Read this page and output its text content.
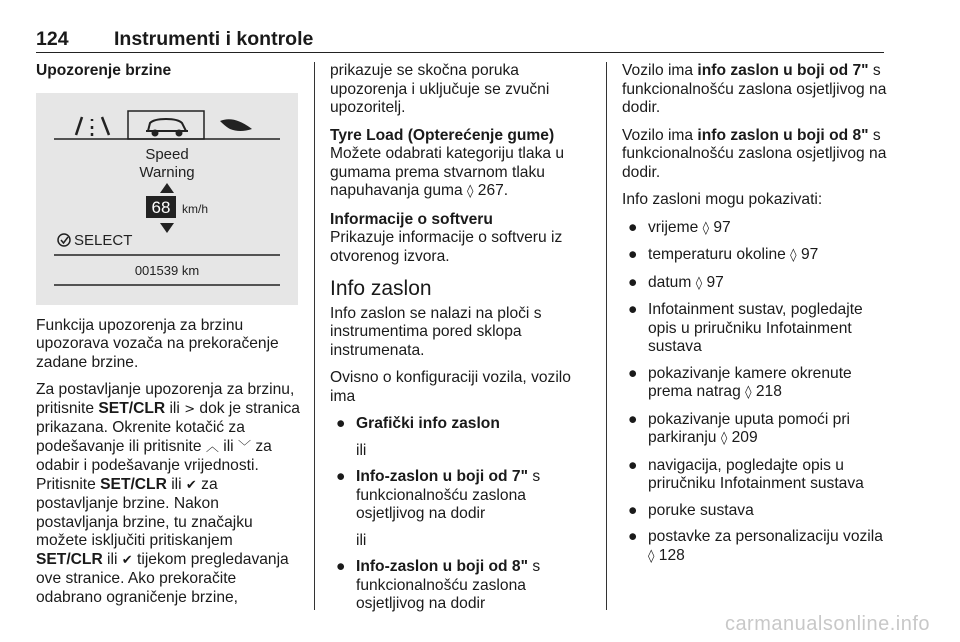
124 Instrumenti i kontrole
Upozorenje brzine
Speed
Warning
68 km/h
SELECT
001539 km

Funkcija upozorenja za brzinu upozorava vozača na prekoračenje zadane brzine.

Za postavljanje upozorenja za brzinu, pritisnite SET/CLR ili > dok je stranica prikazana. Okrenite kotačić za podešavanje ili pritisnite ︿ ili ﹀ za odabir i podešavanje vrijednosti. Pritisnite SET/CLR ili ✔ za postavljanje brzine. Nakon postavljanja brzine, tu značajku možete isključiti pritiskanjem SET/CLR ili ✔ tijekom pregledavanja ove stranice. Ako prekoračite odabrano ograničenje brzine,

prikazuje se skočna poruka upozorenja i uključuje se zvučni upozoritelj.

Tyre Load (Opterećenje gume)

Možete odabrati kategoriju tlaka u gumama prema stvarnom tlaku napuhavanja guma ◊ 267.

Informacije o softveru

Prikazuje informacije o softveru iz otvorenog izvora.

Info zaslon

Info zaslon se nalazi na ploči s instrumentima pored sklopa instrumenata.

Ovisno o konfiguraciji vozila, vozilo ima

● Grafički info zaslon
ili
● Info-zaslon u boji od 7" s funkcionalnošću zaslona osjetljivog na dodir
ili
● Info-zaslon u boji od 8" s funkcionalnošću zaslona osjetljivog na dodir

Vozilo ima info zaslon u boji od 7" s funkcionalnošću zaslona osjetljivog na dodir.

Vozilo ima info zaslon u boji od 8" s funkcionalnošću zaslona osjetljivog na dodir.

Info zasloni mogu pokazivati:

● vrijeme ◊ 97
● temperaturu okoline ◊ 97
● datum ◊ 97
● Infotainment sustav, pogledajte opis u priručniku Infotainment sustava
● pokazivanje kamere okrenute prema natrag ◊ 218
● pokazivanje uputa pomoći pri parkiranju ◊ 209
● navigacija, pogledajte opis u priručniku Infotainment sustava
● poruke sustava
● postavke za personalizaciju vozila ◊ 128
carmanualsonline.info
